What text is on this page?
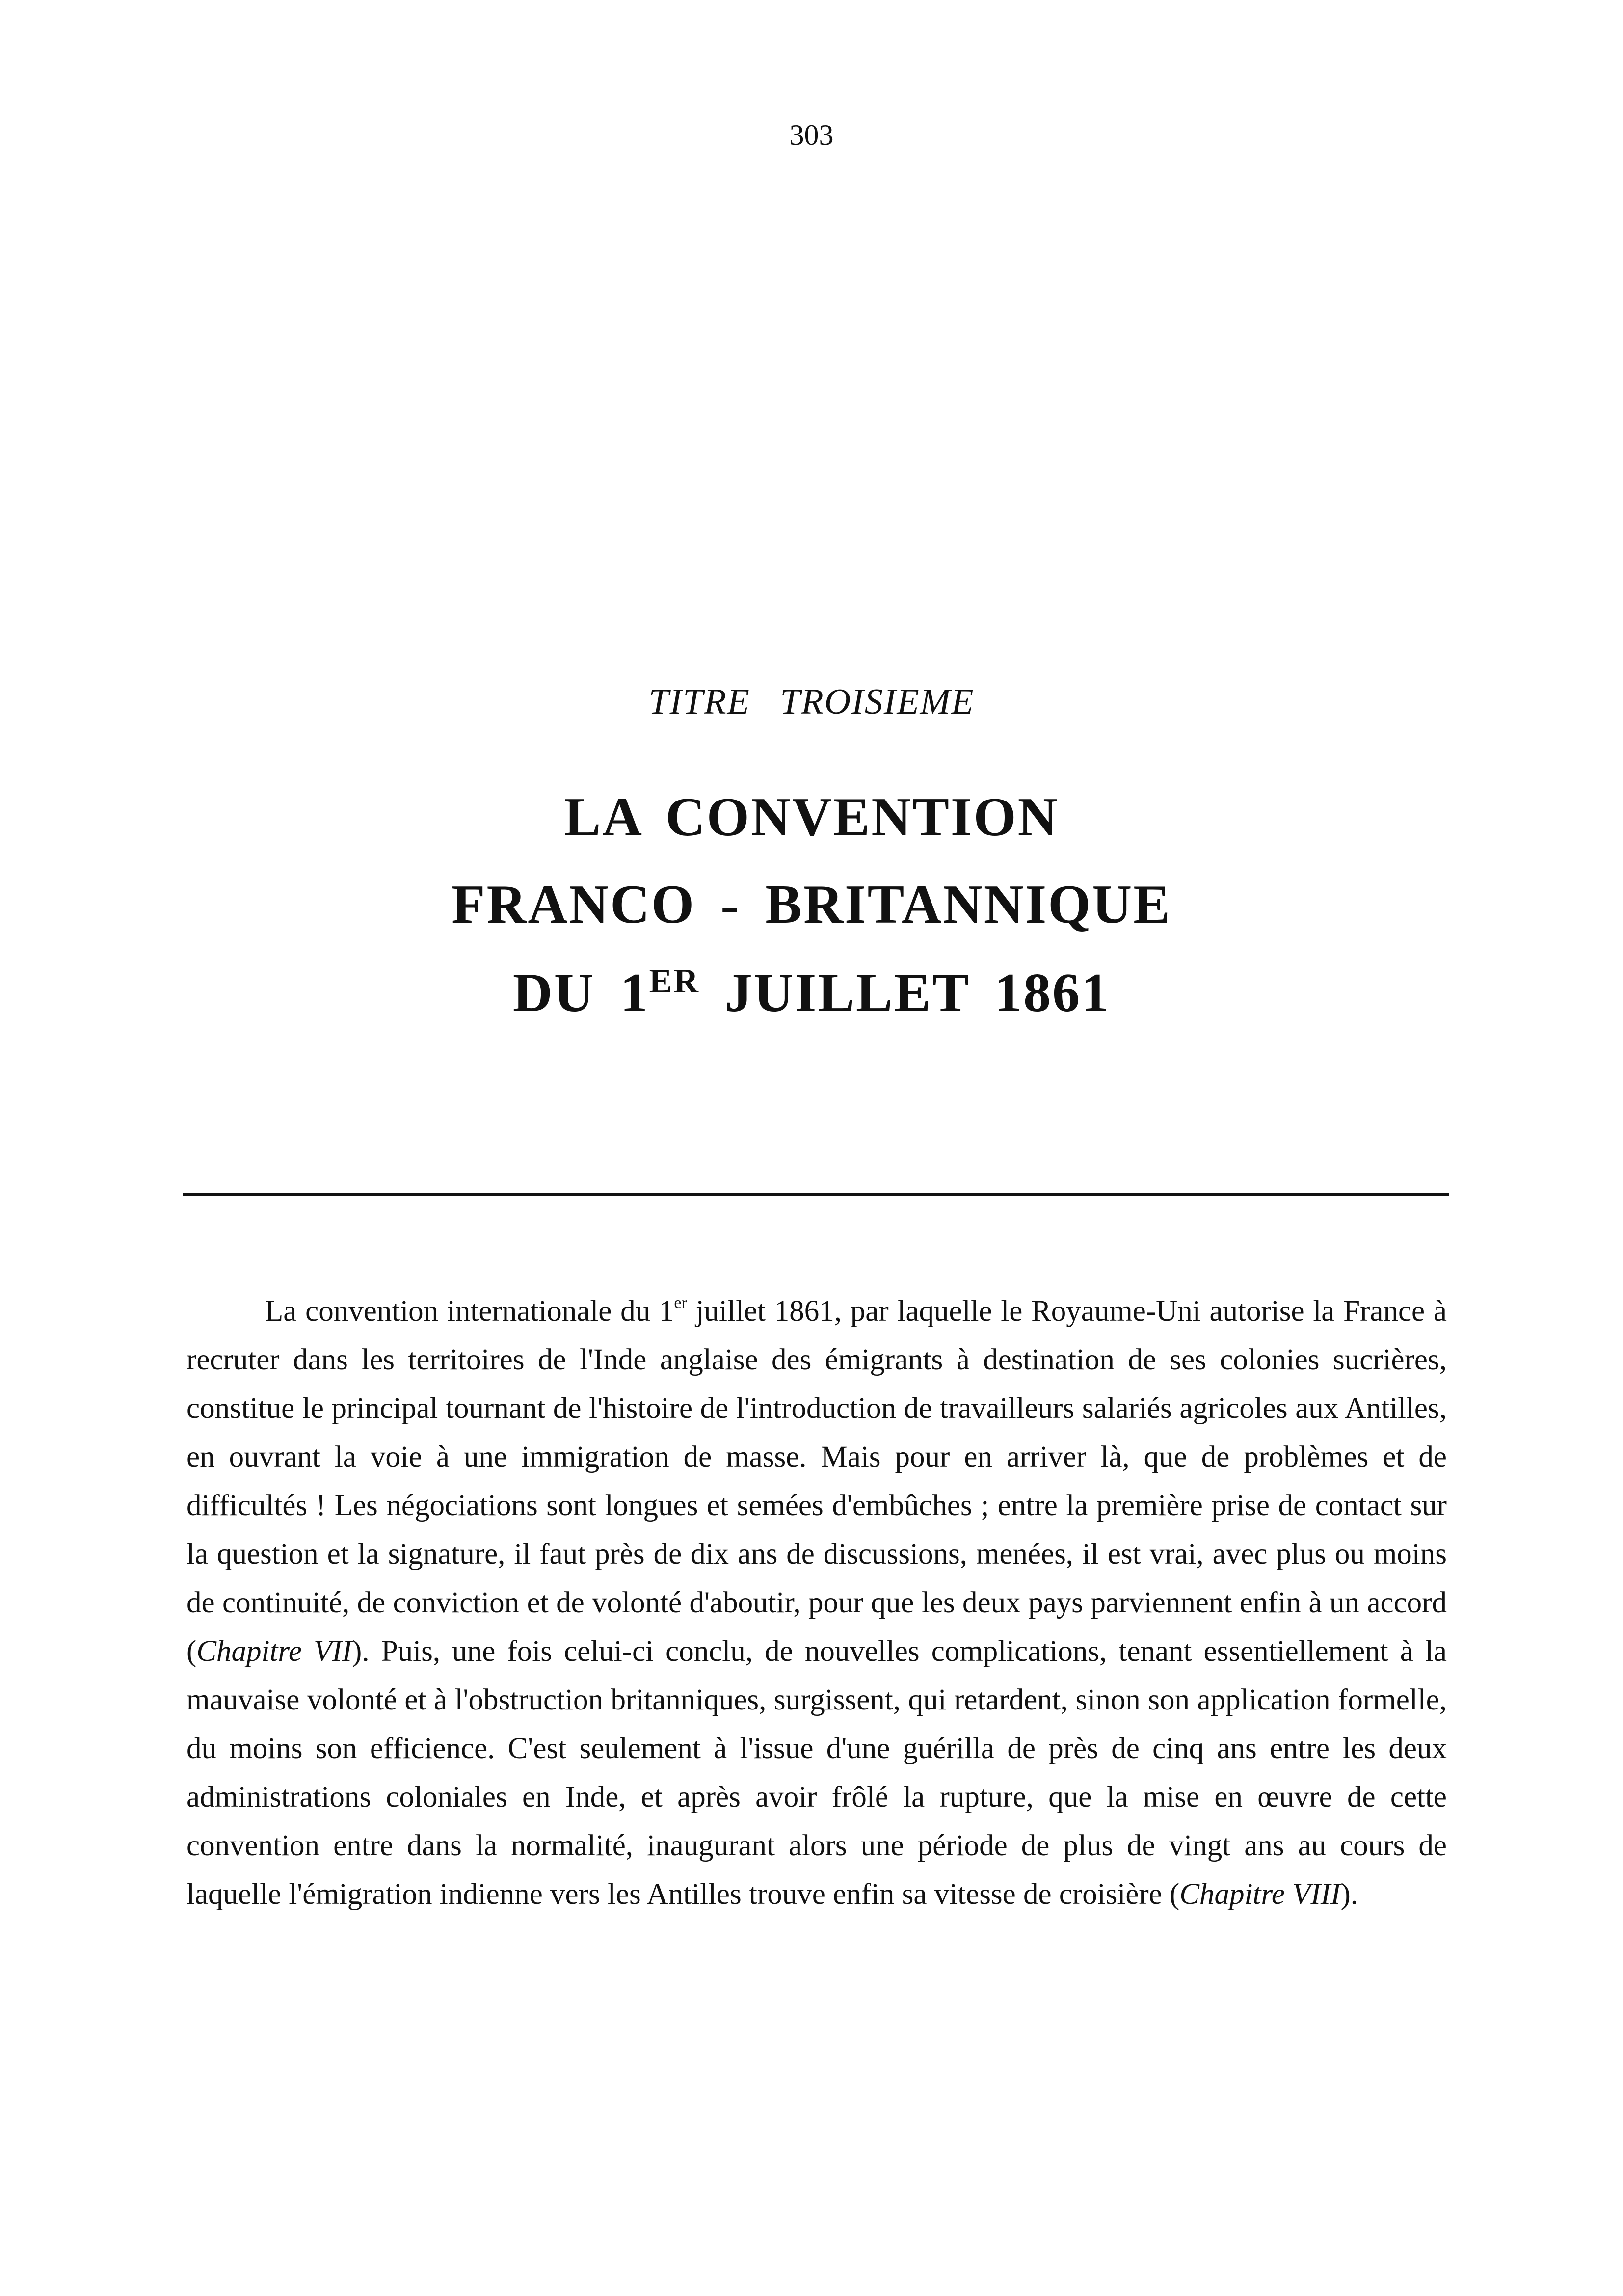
303
TITRE TROISIEME
LA CONVENTION
FRANCO - BRITANNIQUE
DU 1ER JUILLET 1861

La convention internationale du 1er juillet 1861, par laquelle le Royaume-Uni autorise la France à recruter dans les territoires de l'Inde anglaise des émigrants à destination de ses colonies sucrières, constitue le principal tournant de l'histoire de l'introduction de travailleurs salariés agricoles aux Antilles, en ouvrant la voie à une immigration de masse. Mais pour en arriver là, que de problèmes et de difficultés ! Les négociations sont longues et semées d'embûches ; entre la première prise de contact sur la question et la signature, il faut près de dix ans de discussions, menées, il est vrai, avec plus ou moins de continuité, de conviction et de volonté d'aboutir, pour que les deux pays parviennent enfin à un accord (Chapitre VII). Puis, une fois celui-ci conclu, de nouvelles complications, tenant essentiellement à la mauvaise volonté et à l'obstruction britanniques, surgissent, qui retardent, sinon son application formelle, du moins son efficience. C'est seulement à l'issue d'une guérilla de près de cinq ans entre les deux administrations coloniales en Inde, et après avoir frôlé la rupture, que la mise en œuvre de cette convention entre dans la normalité, inaugurant alors une période de plus de vingt ans au cours de laquelle l'émigration indienne vers les Antilles trouve enfin sa vitesse de croisière (Chapitre VIII).
